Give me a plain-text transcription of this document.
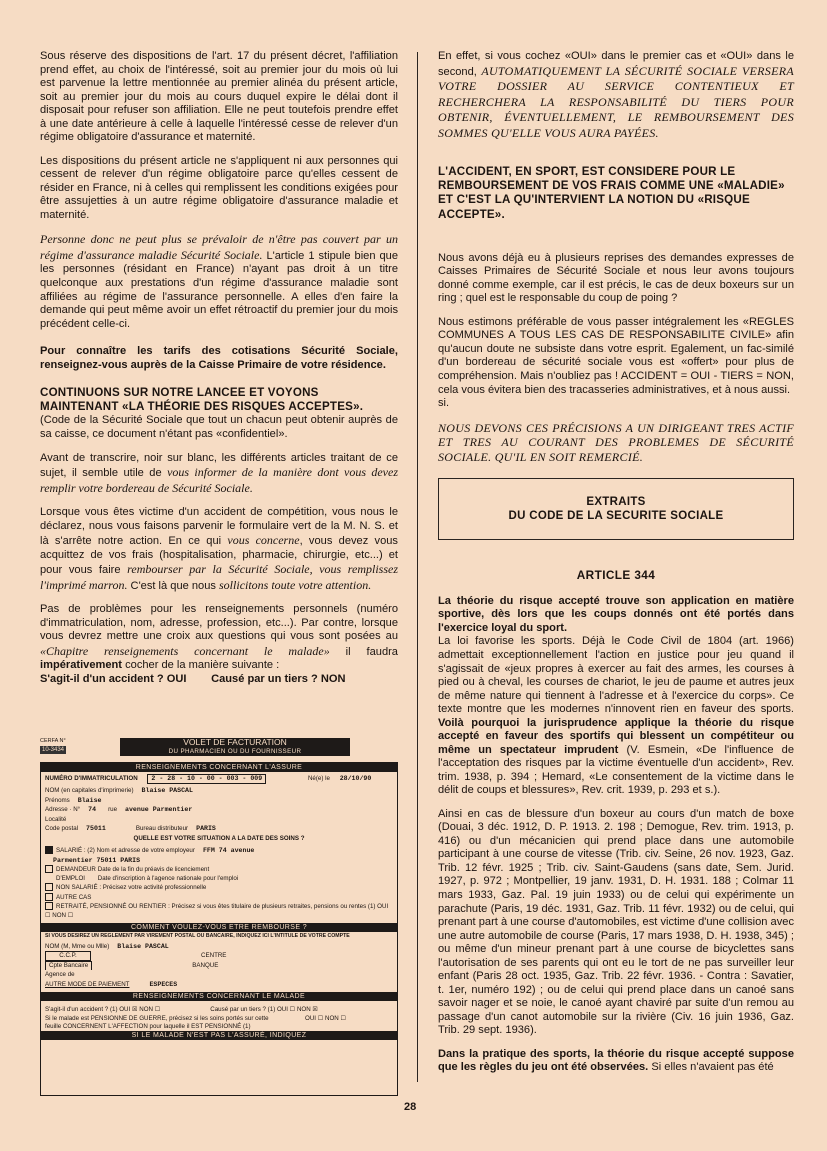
Sous réserve des dispositions de l'art. 17 du présent décret, l'affiliation prend effet, au choix de l'intéressé, soit au premier jour du mois où lui est parvenue la lettre mentionnée au premier alinéa du présent article, soit au premier jour du mois au cours duquel expire le délai dont il disposait pour refuser son affiliation. Elle ne peut toutefois prendre effet à une date antérieure à celle à laquelle l'intéressé cesse de relever d'un régime obligatoire d'assurance et maternité.

Les dispositions du présent article ne s'appliquent ni aux personnes qui cessent de relever d'un régime obligatoire parce qu'elles cessent de résider en France, ni à celles qui remplissent les conditions exigées pour être assujetties à un autre régime obligatoire d'assurance maladie et maternité.

Personne donc ne peut plus se prévaloir de n'être pas couvert par un régime d'assurance maladie Sécurité Sociale. L'article 1 stipule bien que les personnes (résidant en France) n'ayant pas droit à un titre quelconque aux prestations d'un régime d'assurance maladie sont affiliées au régime de l'assurance personnelle. A elles d'en faire la demande qui peut même avoir un effet rétroactif du premier jour du mois précédent celle-ci.

Pour connaître les tarifs des cotisations Sécurité Sociale, renseignez-vous auprès de la Caisse Primaire de votre résidence.

CONTINUONS SUR NOTRE LANCEE ET VOYONS MAINTENANT «LA THÉORIE DES RISQUES ACCEPTES».

(Code de la Sécurité Sociale que tout un chacun peut obtenir auprès de sa caisse, ce document n'étant pas «confidentiel».

Avant de transcrire, noir sur blanc, les différents articles traitant de ce sujet, il semble utile de vous informer de la manière dont vous devez remplir votre bordereau de Sécurité Sociale.

Lorsque vous êtes victime d'un accident de compétition, vous nous le déclarez, nous vous faisons parvenir le formulaire vert de la M. N. S. et là s'arrête notre action. En ce qui vous concerne, vous devez vous acquittez de vos frais (hospitalisation, pharmacie, chirurgie, etc...) et pour vous faire rembourser par la Sécurité Sociale, vous remplissez l'imprimé marron. C'est là que nous sollicitons toute votre attention.

Pas de problèmes pour les renseignements personnels (numéro d'immatriculation, nom, adresse, profession, etc...). Par contre, lorsque vous devrez mettre une croix aux questions qui vous sont posées au «Chapitre renseignements concernant le malade» il faudra impérativement cocher de la manière suivante :

S'agit-il d'un accident ? OUI        Causé par un tiers ? NON
CERFA N°
10-3434
VOLET DE FACTURATION
DU PHARMACIEN OU DU FOURNISSEUR
RENSEIGNEMENTS CONCERNANT L'ASSURE
NUMÉRO D'IMMATRICULATION 2 - 28 - 10 - 00 - 003 - 009	Né(e) le 28/10/90
NOM (en capitales d'imprimerie) Blaise PASCAL
Prénoms Blaise
Adresse · N° 74 rue avenue Parmentier
Localité
Code postal 75011	Bureau distributeur PARIS
QUELLE EST VOTRE SITUATION A LA DATE DES SOINS ?
SALARIÉ : (2) Nom et adresse de votre employeur FFM 74 avenue
Parmentier 75011 PARIS
DEMANDEUR D'EMPLOI Date de la fin du préavis de licenciement
Date d'inscription à l'agence nationale pour l'emploi
NON SALARIÉ : Précisez votre activité professionnelle
AUTRE CAS
RETRAITÉ, PENSIONNÉ OU RENTIER : Précisez si vous êtes titulaire de plusieurs retraites, pensions ou rentes (1) OUI ☐ NON ☐
COMMENT VOULEZ-VOUS ETRE REMBOURSE ?
SI VOUS DESIREZ UN REGLEMENT PAR VIREMENT POSTAL OU BANCAIRE, INDIQUEZ ICI L'INTITULE DE VOTRE COMPTE
NOM (M, Mme ou Mlle) Blaise PASCAL
C.C.P.	CENTRE
Cpte Bancaire	BANQUE
Agence de
AUTRE MODE DE PAIEMENT	ESPECES
RENSEIGNEMENTS CONCERNANT LE MALADE
S'agit-il d'un accident ? (1) OUI ☒ NON ☐	Causé par un tiers ? (1) OUI ☐ NON ☒
Si le malade est PENSIONNE DE GUERRE, précisez si les soins portés sur cette feuille CONCERNENT L'AFFECTION pour laquelle il EST PENSIONNÉ (1)OUI ☐ NON ☐
SI LE MALADE N'EST PAS L'ASSURÉ, INDIQUEZ

En effet, si vous cochez «OUI» dans le premier cas et «OUI» dans le second, AUTOMATIQUEMENT LA SÉCURITÉ SOCIALE VERSERA VOTRE DOSSIER AU SERVICE CONTENTIEUX ET RECHERCHERA LA RESPONSABILITÉ DU TIERS POUR OBTENIR, ÉVENTUELLEMENT, LE REMBOURSEMENT DES SOMMES QU'ELLE VOUS AURA PAYÉES.

L'ACCIDENT, EN SPORT, EST CONSIDERE POUR LE REMBOURSEMENT DE VOS FRAIS COMME UNE «MALADIE» ET C'EST LA QU'INTERVIENT LA NOTION DU «RISQUE ACCEPTE».

Nous avons déjà eu à plusieurs reprises des demandes expresses de Caisses Primaires de Sécurité Sociale et nous leur avons toujours donné comme exemple, car il est précis, le cas de deux boxeurs sur un ring ; quel est le responsable du coup de poing ?

Nous estimons préférable de vous passer intégralement les «REGLES COMMUNES A TOUS LES CAS DE RESPONSABILITE CIVILE» afin qu'aucun doute ne subsiste dans votre esprit. Egalement, un fac-similé d'un bordereau de sécurité sociale vous est «offert» pour plus de compréhension. Mais n'oubliez pas ! ACCIDENT = OUI - TIERS = NON, cela vous évitera bien des tracasseries administratives, et à nous aussi.

si.

NOUS DEVONS CES PRÉCISIONS A UN DIRIGEANT TRES ACTIF ET TRES AU COURANT DES PROBLEMES DE SÉCURITÉ SOCIALE. QU'IL EN SOIT REMERCIÉ.

EXTRAITS
DU CODE DE LA SECURITE SOCIALE
ARTICLE 344

La théorie du risque accepté trouve son application en matière sportive, dès lors que les coups donnés ont été portés dans l'exercice loyal du sport.

La loi favorise les sports. Déjà le Code Civil de 1804 (art. 1966) admettait exceptionnellement l'action en justice pour jeu quand il s'agissait de «jeux propres à exercer au fait des armes, les courses à pied ou à cheval, les courses de chariot, le jeu de paume et autres jeux de même nature qui tiennent à l'adresse et à l'exercice du corps». Ce texte montre que les modernes n'innovent rien en faveur des sports. Voilà pourquoi la jurisprudence applique la théorie du risque accepté en faveur des sportifs qui blessent un compétiteur ou même un spectateur imprudent (V. Esmein, «De l'influence de l'acceptation des risques par la victime éventuelle d'un accident», Rev. trim. 1938, p. 394 ; Hemard, «Le consentement de la victime dans le délit de coups et blessures», Rev. crit. 1939, p. 293 et s.).

Ainsi en cas de blessure d'un boxeur au cours d'un match de boxe (Douai, 3 déc. 1912, D. P. 1913. 2. 198 ; Demogue, Rev. trim. 1913, p. 416) ou d'un mécanicien qui prend place dans une automobile participant à une course de vitesse (Trib. civ. Seine, 26 nov. 1923, Gaz. Trib. 12 févr. 1925 ; Trib. civ. Saint-Gaudens (sans date, Sem. Jurid. 1927, p. 972 ; Montpellier, 19 janv. 1931, D. H. 1931. 188 ; Colmar 11 mars 1933, Gaz. Pal. 19 juin 1933) ou de celui qui expérimente un parachute (Paris, 19 déc. 1931, Gaz. Trib. 11 févr. 1932) ou de celui, qui prenant part à une course d'automobiles, est victime d'une collision avec une autre automobile de course (Paris, 17 mars 1938, D. H. 1938, 345) ; ou même d'un mineur prenant part à une course de bicyclettes sans l'autorisation de ses parents qui ont eu le tort de ne pas surveiller leur enfant (Paris 28 oct. 1935, Gaz. Trib. 22 févr. 1936. - Contra : Savatier, t. 1er, numéro 192) ; ou de celui qui prend place dans un canoé sans savoir nager et se noie, le canoé ayant chaviré par suite d'un remou au passage d'un canot automobile sur la rivière (Civ. 16 juin 1936, Gaz. Trib. 29 sept. 1936).

Dans la pratique des sports, la théorie du risque accepté suppose que les règles du jeu ont été observées. Si elles n'avaient pas été

28
